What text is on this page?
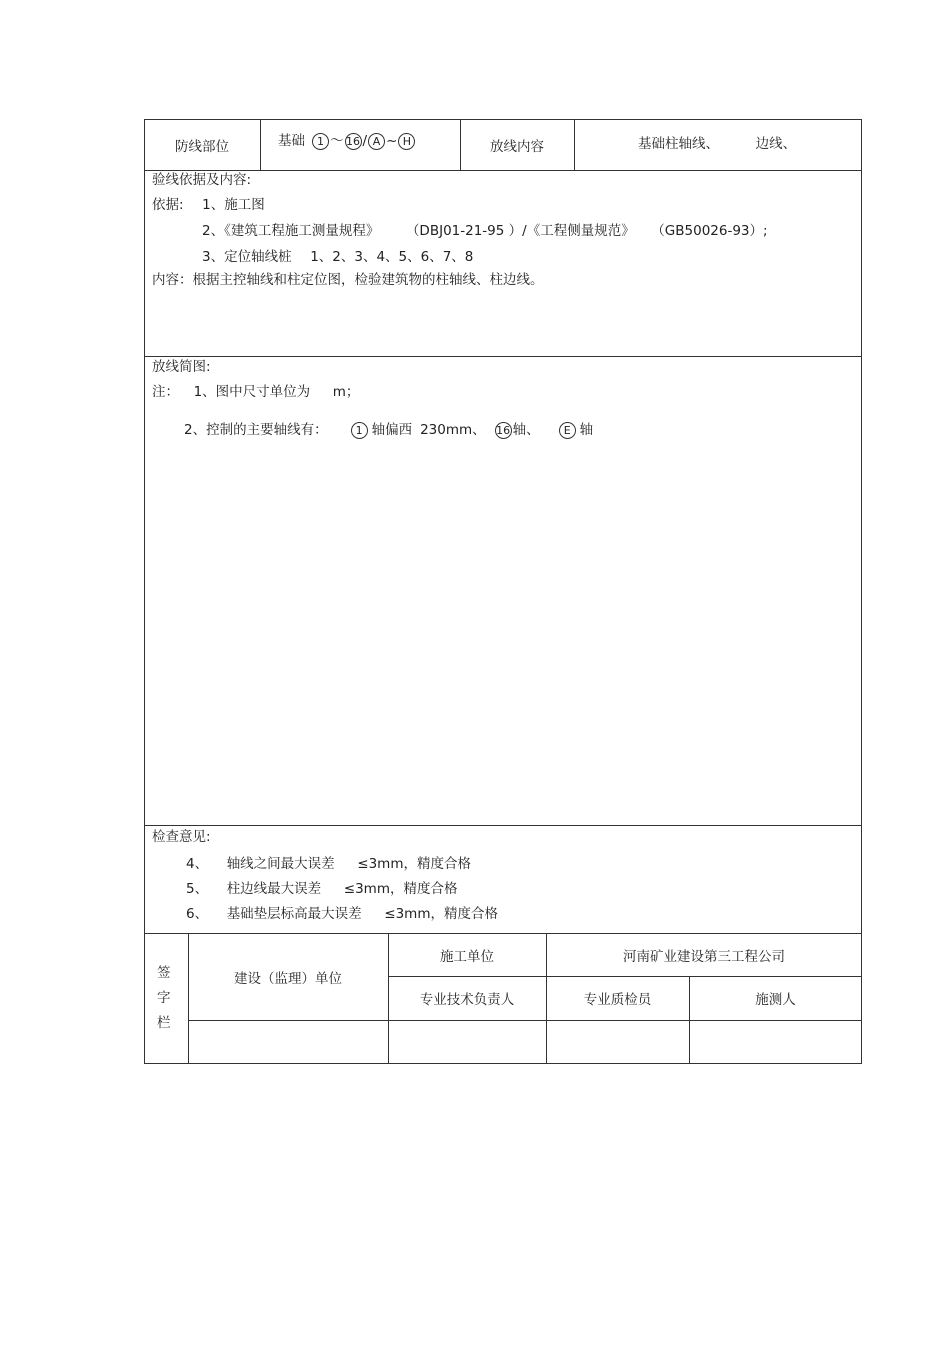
防线部位	基础	1 ～ 16 / A ~ H	放线内容	基础柱轴线、	边线、
验线依据及内容:
依据: 1、施工图
2、《建筑工程施工测量规程》 （DBJ01-21-95 ）/《工程侧量规范》 （GB50026-93）;
3、定位轴线桩 1、2、3、4、5、6、7、8
内容：根据主控轴线和柱定位图，检验建筑物的柱轴线、柱边线。
放线简图:
注： 1、图中尺寸单位为 m；
2、控制的主要轴线有：	1 轴偏西 230mm、 16 轴、	E 轴
检查意见:
4、 轴线之间最大误差 ≤3mm，精度合格
5、 柱边线最大误差 ≤3mm，精度合格
6、 基础垫层标高最大误差 ≤3mm，精度合格
签
字
栏
建设（监理）单位
施工单位	河南矿业建设第三工程公司
专业技术负责人	专业质检员	施测人
